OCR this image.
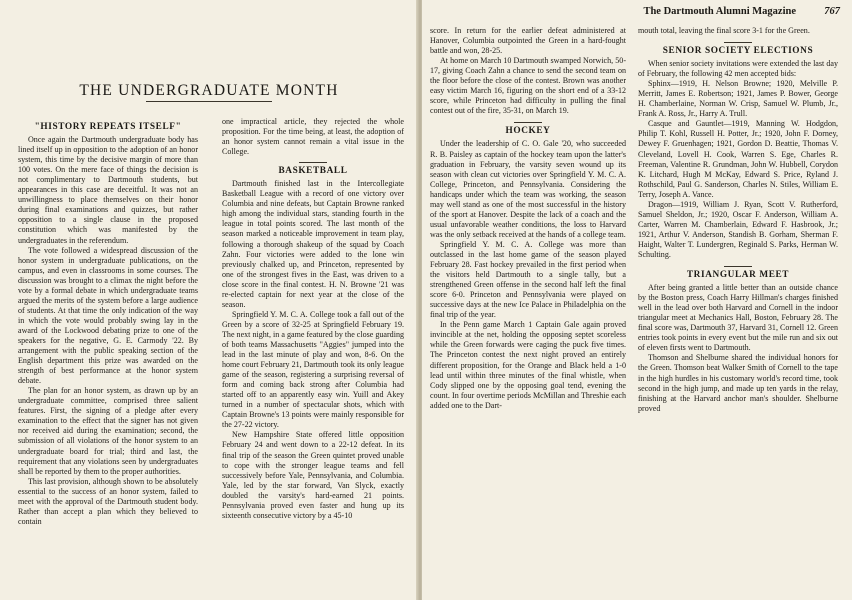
THE UNDERGRADUATE MONTH
"HISTORY REPEATS ITSELF"

Once again the Dartmouth undergraduate body has lined itself up in opposition to the adoption of an honor system, this time by the decisive margin of more than 100 votes. On the mere face of things the decision is not complimentary to Dartmouth students, but appearances in this case are deceitful. It was not an unwillingness to place themselves on their honor during final examinations and quizzes, but rather opposition to a single clause in the proposed constitution which was manifested by the undergraduates in the referendum.

The vote followed a widespread discussion of the honor system in undergraduate publications, on the campus, and even in classrooms in some courses. The discussion was brought to a climax the night before the vote by a formal debate in which undergraduate teams argued the merits of the system before a large audience of students. At that time the only indication of the way in which the vote would probably swing lay in the award of the Lockwood debating prize to one of the speakers for the negative, G. E. Carmody '22. By arrangement with the public speaking section of the English department this prize was awarded on the strength of best performance at the honor system debate.

The plan for an honor system, as drawn up by an undergraduate committee, comprised three salient features. First, the signing of a pledge after every examination to the effect that the signer has not given nor received aid during the examination; second, the submission of all violations of the honor system to an undergraduate board for trial; third and last, the requirement that any violations seen by undergraduates shall be reported by them to the proper authorities.

This last provision, although shown to be absolutely essential to the success of an honor system, failed to meet with the approval of the Dartmouth student body. Rather than accept a plan which they believed to contain

one impractical article, they rejected the whole proposition. For the time being, at least, the adoption of an honor system cannot remain a vital issue in the College.

BASKETBALL

Dartmouth finished last in the Intercollegiate Basketball League with a record of one victory over Columbia and nine defeats, but Captain Browne ranked high among the individual stars, standing fourth in the league in total points scored. The last month of the season marked a noticeable improvement in team play, following a thorough shakeup of the squad by Coach Zahn. Four victories were added to the lone win previously chalked up, and Princeton, represented by one of the strongest fives in the East, was driven to a close score in the final contest. H. N. Browne '21 was re-elected captain for next year at the close of the season.

Springfield Y. M. C. A. College took a fall out of the Green by a score of 32-25 at Springfield February 19. The next night, in a game featured by the close guarding of both teams Massachusetts "Aggies" jumped into the lead in the last minute of play and won, 8-6. On the home court February 21, Dartmouth took its only league game of the season, registering a surprising reversal of form and coming back strong after Columbia had started off to an apparently easy win. Yuill and Akey turned in a number of spectacular shots, which with Captain Browne's 13 points were mainly responsible for the 27-22 victory.

New Hampshire State offered little opposition February 24 and went down to a 22-12 defeat. In its final trip of the season the Green quintet proved unable to cope with the stronger league teams and fell successively before Yale, Pennsylvania, and Columbia. Yale, led by the star forward, Van Slyck, exactly doubled the varsity's hard-earned 21 points. Pennsylvania proved even faster and hung up its sixteenth consecutive victory by a 45-10

The Dartmouth Alumni Magazine	767

score. In return for the earlier defeat administered at Hanover, Columbia outpointed the Green in a hard-fought battle and won, 28-25.

At home on March 10 Dartmouth swamped Norwich, 50-17, giving Coach Zahn a chance to send the second team on the floor before the close of the contest. Brown was another easy victim March 16, figuring on the short end of a 33-12 score, while Princeton had difficulty in pulling the final contest out of the fire, 35-31, on March 19.

HOCKEY

Under the leadership of C. O. Gale '20, who succeeded R. B. Paisley as captain of the hockey team upon the latter's graduation in February, the varsity seven wound up its season with clean cut victories over Springfield Y. M. C. A. College, Princeton, and Pennsylvania. Considering the handicaps under which the team was working, the season may well stand as one of the most successful in the history of the sport at Hanover. Despite the lack of a coach and the usual unfavorable weather conditions, the loss to Harvard was the only setback received at the hands of a college team.

Springfield Y. M. C. A. College was more than outclassed in the last home game of the season played February 28. Fast hockey prevailed in the first period when the visitors held Dartmouth to a single tally, but a strengthened Green offense in the second half left the final score 6-0. Princeton and Pennsylvania were played on successive days at the new Ice Palace in Philadelphia on the final trip of the year.

In the Penn game March 1 Captain Gale again proved invincible at the net, holding the opposing septet scoreless while the Green forwards were caging the puck five times. The Princeton contest the next night proved an entirely different proposition, for the Orange and Black held a 1-0 lead until within three minutes of the final whistle, when Cody slipped one by the opposing goal tend, evening the count. In four overtime periods McMillan and Threshie each added one to the Dart-

mouth total, leaving the final score 3-1 for the Green.

SENIOR SOCIETY ELECTIONS

When senior society invitations were extended the last day of February, the following 42 men accepted bids:

Sphinx—1919, H. Nelson Browne; 1920, Melville P. Merritt, James E. Robertson; 1921, James P. Bower, George H. Chamberlaine, Norman W. Crisp, Samuel W. Plumb, Jr., Frank A. Ross, Jr., Harry A. Trull.

Casque and Gauntlet—1919, Manning W. Hodgdon, Philip T. Kohl, Russell H. Potter, Jr.; 1920, John F. Dorney, Dewey F. Gruenhagen; 1921, Gordon D. Beattie, Thomas V. Cleveland, Lovell H. Cook, Warren S. Ege, Charles R. Freeman, Valentine R. Grundman, John W. Hubbell, Corydon K. Litchard, Hugh M McKay, Edward S. Price, Ryland J. Rothschild, Paul G. Sanderson, Charles N. Stiles, William E. Terry, Joseph A. Vance.

Dragon—1919, William J. Ryan, Scott V. Rutherford, Samuel Sheldon, Jr.; 1920, Oscar F. Anderson, William A. Carter, Warren M. Chamberlain, Edward F. Hasbrook, Jr.; 1921, Arthur V. Anderson, Standish B. Gorham, Sherman F. Haight, Walter T. Lundergren, Reginald S. Parks, Herman W. Schulting.

TRIANGULAR MEET

After being granted a little better than an outside chance by the Boston press, Coach Harry Hillman's charges finished well in the lead over both Harvard and Cornell in the indoor triangular meet at Mechanics Hall, Boston, February 28. The final score was, Dartmouth 37, Harvard 31, Cornell 12. Green entries took points in every event but the mile run and six out of eleven firsts went to Dartmouth.

Thomson and Shelburne shared the individual honors for the Green. Thomson beat Walker Smith of Cornell to the tape in the high hurdles in his customary world's record time, took second in the high jump, and made up ten yards in the relay, finishing at the Harvard anchor man's shoulder. Shelburne proved
